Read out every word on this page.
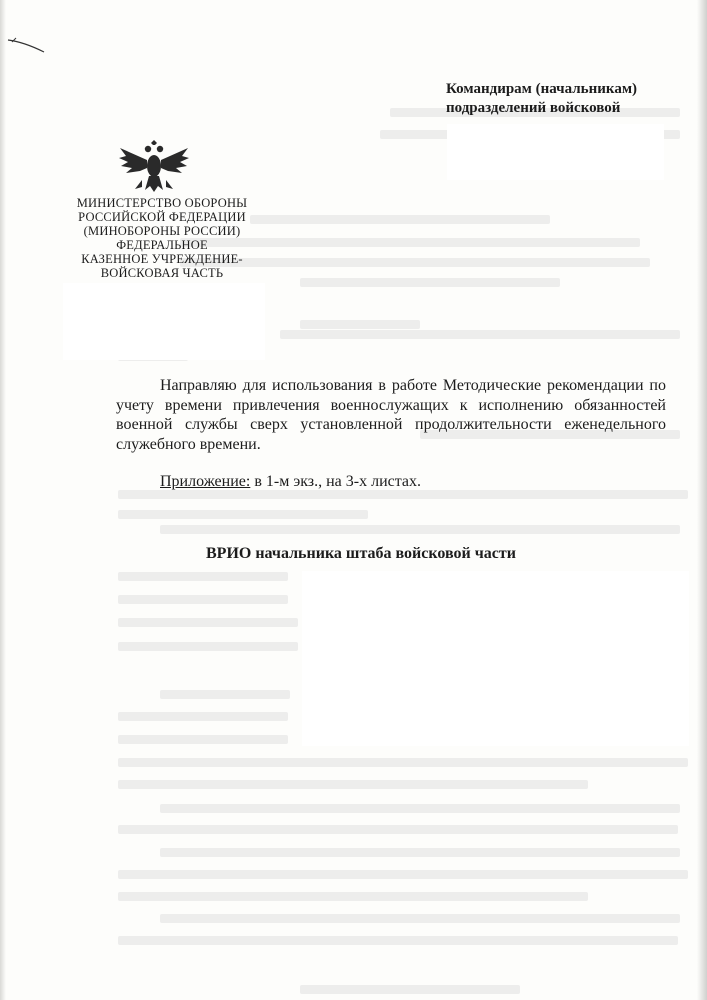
Командирам (начальникам)
подразделений войсковой
МИНИСТЕРСТВО ОБОРОНЫ
РОССИЙСКОЙ ФЕДЕРАЦИИ
(МИНОБОРОНЫ РОССИИ)
ФЕДЕРАЛЬНОЕ
КАЗЕННОЕ УЧРЕЖДЕНИЕ-
ВОЙСКОВАЯ ЧАСТЬ
Направляю для использования в работе Методические рекомендации по учету времени привлечения военнослужащих к исполнению обязанностей военной службы сверх установленной продолжительности еженедельного служебного времени.
Приложение: в 1-м экз., на 3-х листах.
ВРИО начальника штаба войсковой части
